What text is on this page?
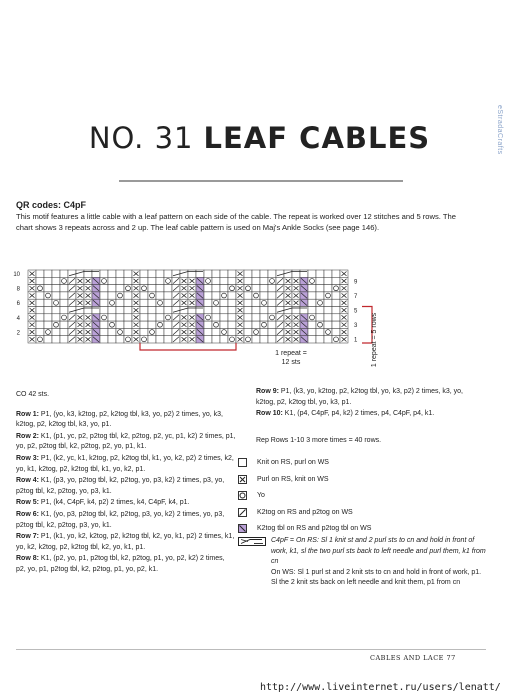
NO. 31 LEAF CABLES
QR codes: C4pF
This motif features a little cable with a leaf pattern on each side of the cable. The repeat is worked over 12 stitches and 5 rows. The chart shows 3 repeats across and 2 up. The leaf cable pattern is used on Maj's Ankle Socks (see page 146).
eStradaCrafts
10
8
6
4
2
9
7
5
3
1 1 repeat = 5 rows
1 repeat =
12 sts

CO 42 sts.

Row 1: P1, (yo, k3, k2tog, p2, k2tog tbl, k3, yo, p2) 2 times, yo, k3, k2tog, p2, k2tog tbl, k3, yo, p1.

Row 2: K1, (p1, yc, p2, p2tog tbl, k2, p2tog, p2, yc, p1, k2) 2 times, p1, yo, p2, p2tog tbl, k2, p2tog, p2, yo, p1, k1.

Row 3: P1, (k2, yc, k1, k2tog, p2, k2tog tbl, k1, yo, k2, p2) 2 times, k2, yo, k1, k2tog, p2, k2tog tbl, k1, yo, k2, p1.

Row 4: K1, (p3, yo, p2tog tbl, k2, p2tog, yo, p3, k2) 2 times, p3, yo, p2tog tbl, k2, p2tog, yo, p3, k1.

Row 5: P1, (k4, C4pF, k4, p2) 2 times, k4, C4pF, k4, p1.

Row 6: K1, (yo, p3, p2tog tbl, k2, p2tog, p3, yo, k2) 2 times, yo, p3, p2tog tbl, k2, p2tog, p3, yo, k1.

Row 7: P1, (k1, yo, k2, k2tog, p2, k2tog tbl, k2, yo, k1, p2) 2 times, k1, yo, k2, k2tog, p2, k2tog tbl, k2, yo, k1, p1.

Row 8: K1, (p2, yo, p1, p2tog tbl, k2, p2tog, p1, yo, p2, k2) 2 times, p2, yo, p1, p2tog tbl, k2, p2tog, p1, yo, p2, k1.

Row 9: P1, (k3, yo, k2tog, p2, k2tog tbl, yo, k3, p2) 2 times, k3, yo, k2tog, p2, k2tog tbl, yo, k3, p1.

Row 10: K1, (p4, C4pF, p4, k2) 2 times, p4, C4pF, p4, k1.

Rep Rows 1-10 3 more times = 40 rows.

Knit on RS, purl on WS
Purl on RS, knit on WS
Yo
K2tog on RS and p2tog on WS
K2tog tbl on RS and p2tog tbl on WS
C4pF = On RS: Sl 1 knit st and 2 purl sts to cn and hold in front of work, k1, sl the two purl sts back to left needle and purl them, k1 from cn
On WS: Sl 1 purl st and 2 knit sts to cn and hold in front of work, p1. Sl the 2 knit sts back on left needle and knit them, p1 from cn
CABLES AND LACE 77
http://www.liveinternet.ru/users/lenatt/
